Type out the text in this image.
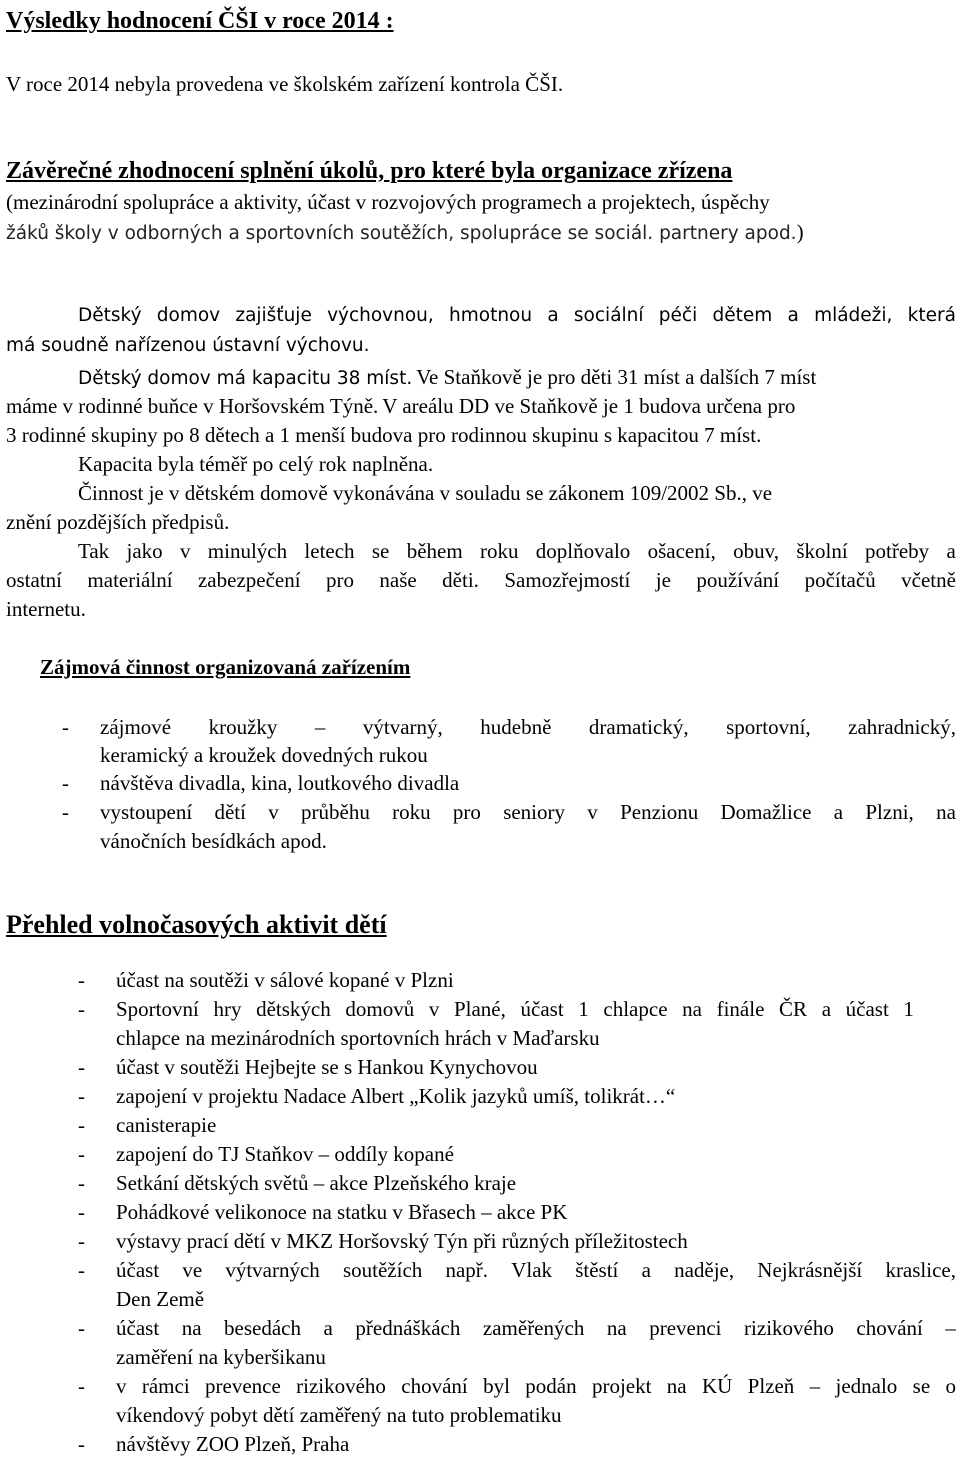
Výsledky hodnocení ČŠI v roce 2014 :

V roce 2014 nebyla provedena ve školském zařízení kontrola ČŠI.

Závěrečné zhodnocení splnění úkolů, pro které byla organizace zřízena

(mezinárodní spolupráce a aktivity, účast v rozvojových programech a projektech, úspěchy

žáků školy v odborných a sportovních soutěžích, spolupráce se sociál. partnery apod.)

Dětský domov zajišťuje výchovnou, hmotnou a sociální péči dětem a mládeži, která

má soudně nařízenou ústavní výchovu.

Dětský domov má kapacitu 38 míst. Ve Staňkově je pro děti 31 míst a dalších 7 míst

máme v rodinné buňce v Horšovském Týně. V areálu DD ve Staňkově je 1 budova určena pro

3 rodinné skupiny po 8 dětech a 1 menší budova pro rodinnou skupinu s kapacitou 7 míst.

Kapacita byla téměř po celý rok naplněna.

Činnost je v dětském domově vykonávána v souladu se zákonem 109/2002 Sb., ve

znění pozdějších předpisů.

Tak jako v minulých letech se během roku doplňovalo ošacení, obuv, školní potřeby a

ostatní materiální zabezpečení pro naše děti. Samozřejmostí je používání počítačů včetně

internetu.

Zájmová činnost organizovaná zařízením
- zájmové kroužky – výtvarný, hudebně dramatický, sportovní, zahradnický,
keramický a kroužek dovedných rukou
- návštěva divadla, kina, loutkového divadla
- vystoupení dětí v průběhu roku pro seniory v Penzionu Domažlice a Plzni, na
vánočních besídkách apod.
Přehled volnočasových aktivit dětí
- účast na soutěži v sálové kopané v Plzni
- Sportovní hry dětských domovů v Plané, účast 1 chlapce na finále ČR a účast 1
chlapce na mezinárodních sportovních hrách v Maďarsku
- účast v soutěži Hejbejte se s Hankou Kynychovou
- zapojení v projektu Nadace Albert „Kolik jazyků umíš, tolikrát…“
- canisterapie
- zapojení do TJ Staňkov – oddíly kopané
- Setkání dětských světů – akce Plzeňského kraje
- Pohádkové velikonoce na statku v Břasech – akce PK
- výstavy prací dětí v MKZ Horšovský Týn při různých příležitostech
- účast ve výtvarných soutěžích např. Vlak štěstí a naděje, Nejkrásnější kraslice,
Den Země
- účast na besedách a přednáškách zaměřených na prevenci rizikového chování –
zaměření na kyberšikanu
- v rámci prevence rizikového chování byl podán projekt na KÚ Plzeň – jednalo se o
víkendový pobyt dětí zaměřený na tuto problematiku
- návštěvy ZOO Plzeň, Praha
